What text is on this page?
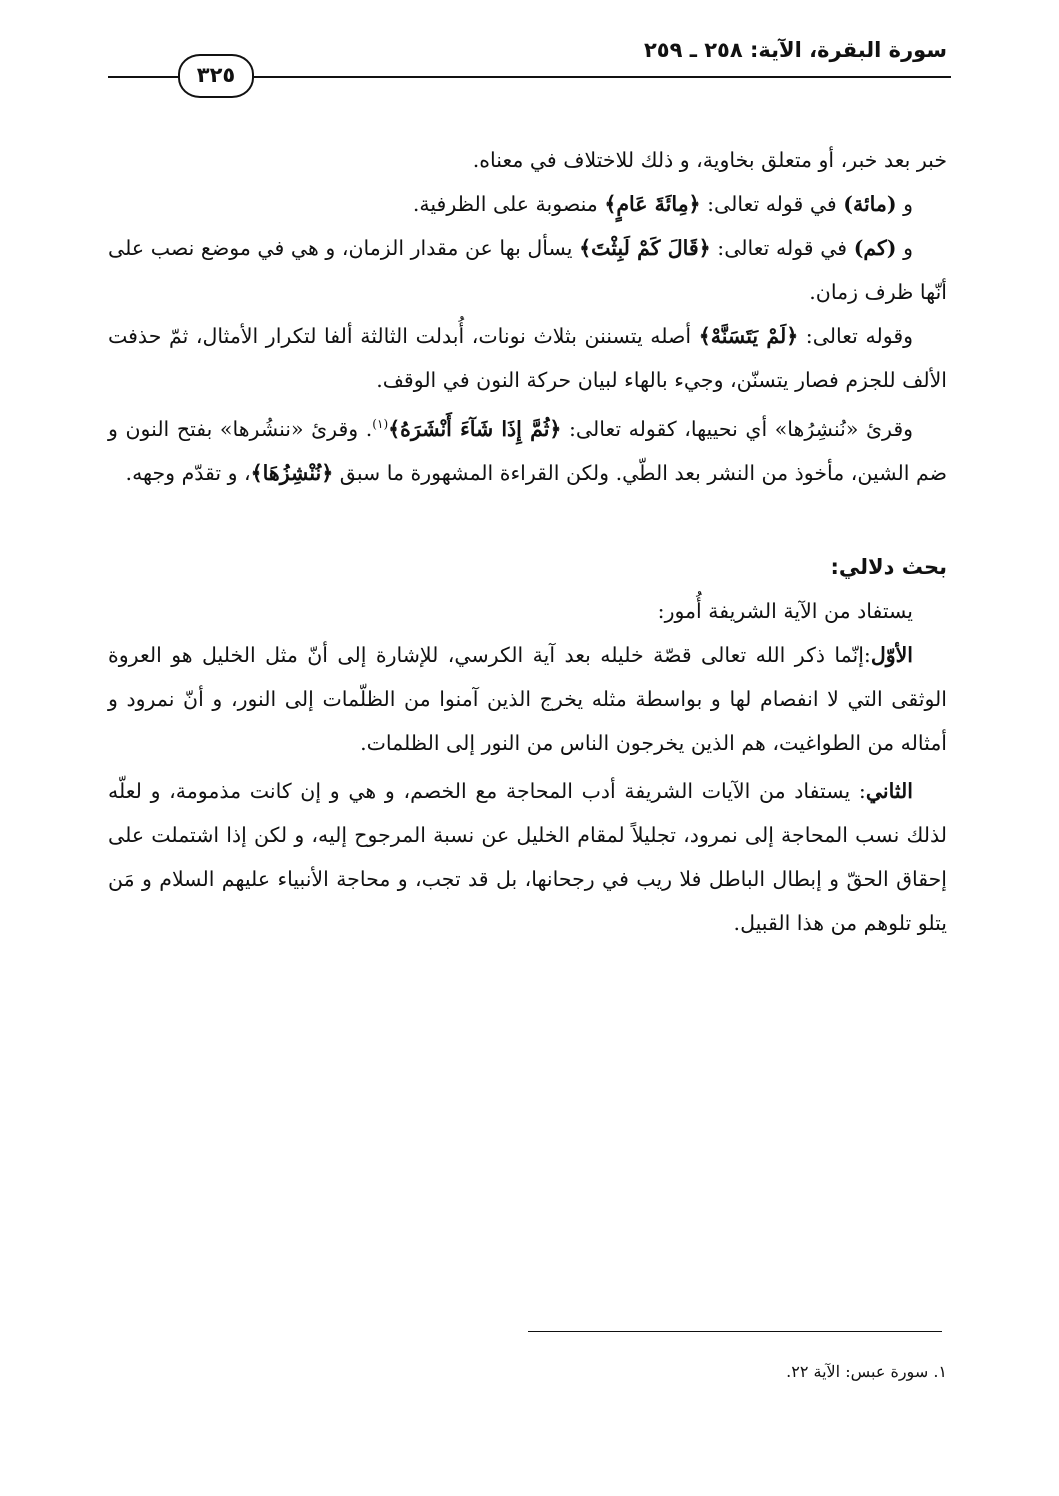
سورة البقرة، الآية: ٢٥٨ ـ ٢٥٩
٣٢٥

خبر بعد خبر، أو متعلق بخاوية، و ذلك للاختلاف في معناه.

و (مائة) في قوله تعالى: ﴿مِائَةَ عَامٍ﴾ منصوبة على الظرفية.

و (كم) في قوله تعالى: ﴿قَالَ كَمْ لَبِثْتَ﴾ يسأل بها عن مقدار الزمان، و هي في موضع نصب على أنّها ظرف زمان.

وقوله تعالى: ﴿لَمْ يَتَسَنَّهْ﴾ أصله يتسننن بثلاث نونات، أُبدلت الثالثة ألفا لتكرار الأمثال، ثمّ حذفت الألف للجزم فصار يتسنّن، وجيء بالهاء لبيان حركة النون في الوقف.

وقرئ «نُنشِرُها» أي نحييها، كقوله تعالى: ﴿ثُمَّ إِذَا شَآءَ أَنْشَرَهُ﴾$^{(١)}$. وقرئ «ننشُرها» بفتح النون و ضم الشين، مأخوذ من النشر بعد الطّي. ولكن القراءة المشهورة ما سبق ﴿نُنْشِزُهَا﴾، و تقدّم وجهه.

بحث دلالي:

يستفاد من الآية الشريفة أُمور:

الأوّل:إنّما ذكر الله تعالى قصّة خليله بعد آية الكرسي، للإشارة إلى أنّ مثل الخليل هو العروة الوثقى التي لا انفصام لها و بواسطة مثله يخرج الذين آمنوا من الظلّمات إلى النور، و أنّ نمرود و أمثاله من الطواغيت، هم الذين يخرجون الناس من النور إلى الظلمات.

الثاني: يستفاد من الآيات الشريفة أدب المحاجة مع الخصم، و هي و إن كانت مذمومة، و لعلّه لذلك نسب المحاجة إلى نمرود، تجليلاً لمقام الخليل عن نسبة المرجوح إليه، و لكن إذا اشتملت على إحقاق الحقّ و إبطال الباطل فلا ريب في رجحانها، بل قد تجب، و محاجة الأنبياء عليهم السلام و مَن يتلو تلوهم من هذا القبيل.

١. سورة عبس: الآية ٢٢.
